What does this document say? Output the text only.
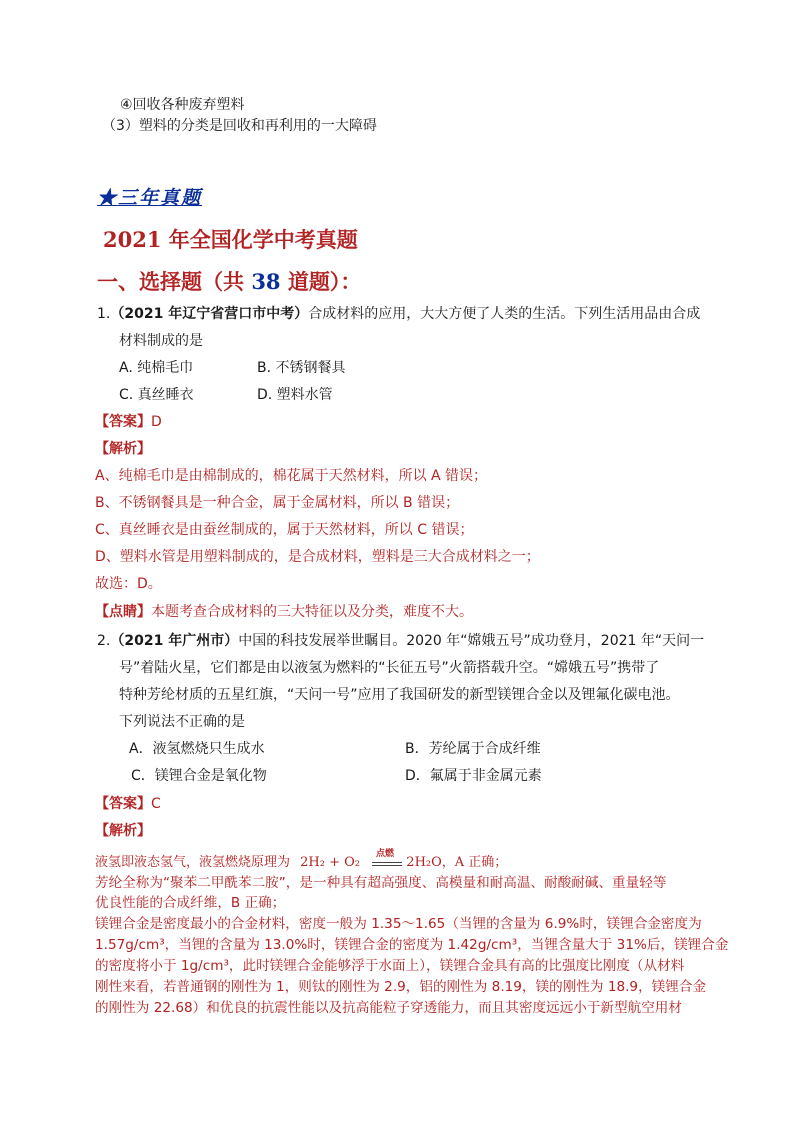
④回收各种废弃塑料
（3）塑料的分类是回收和再利用的一大障碍
★三年真题
2021 年全国化学中考真题
一、选择题（共 38 道题）：
1.（2021 年辽宁省营口市中考）合成材料的应用，大大方便了人类的生活。下列生活用品由合成
材料制成的是
A. 纯棉毛巾	B. 不锈钢餐具
C. 真丝睡衣	D. 塑料水管
【答案】D
【解析】
A、纯棉毛巾是由棉制成的，棉花属于天然材料，所以 A 错误；
B、不锈钢餐具是一种合金，属于金属材料，所以 B 错误；
C、真丝睡衣是由蚕丝制成的，属于天然材料，所以 C 错误；
D、塑料水管是用塑料制成的，是合成材料，塑料是三大合成材料之一；
故选：D。
【点睛】本题考查合成材料的三大特征以及分类，难度不大。
2.（2021 年广州市）中国的科技发展举世瞩目。2020 年“嫦娥五号”成功登月，2021 年“天问一
号”着陆火星，它们都是由以液氢为燃料的“长征五号”火箭搭载升空。“嫦娥五号”携带了
特种芳纶材质的五星红旗，“天问一号”应用了我国研发的新型镁锂合金以及锂氟化碳电池。
下列说法不正确的是
A．液氢燃烧只生成水	B．芳纶属于合成纤维
C．镁锂合金是氧化物	D．氟属于非金属元素
【答案】C
【解析】
液氢即液态氢气，液氢燃烧原理为 2H₂ + O₂	2H₂O，A 正确；
点燃
芳纶全称为“聚苯二甲酰苯二胺”，是一种具有超高强度、高模量和耐高温、耐酸耐碱、重量轻等
优良性能的合成纤维，B 正确；
镁锂合金是密度最小的合金材料，密度一般为 1.35～1.65（当锂的含量为 6.9%时，镁锂合金密度为
1.57g/cm³，当锂的含量为 13.0%时，镁锂合金的密度为 1.42g/cm³，当锂含量大于 31%后，镁锂合金
的密度将小于 1g/cm³，此时镁锂合金能够浮于水面上），镁锂合金具有高的比强度比刚度（从材料
刚性来看，若普通钢的刚性为 1，则钛的刚性为 2.9，铝的刚性为 8.19，镁的刚性为 18.9，镁锂合金
的刚性为 22.68）和优良的抗震性能以及抗高能粒子穿透能力，而且其密度远远小于新型航空用材
